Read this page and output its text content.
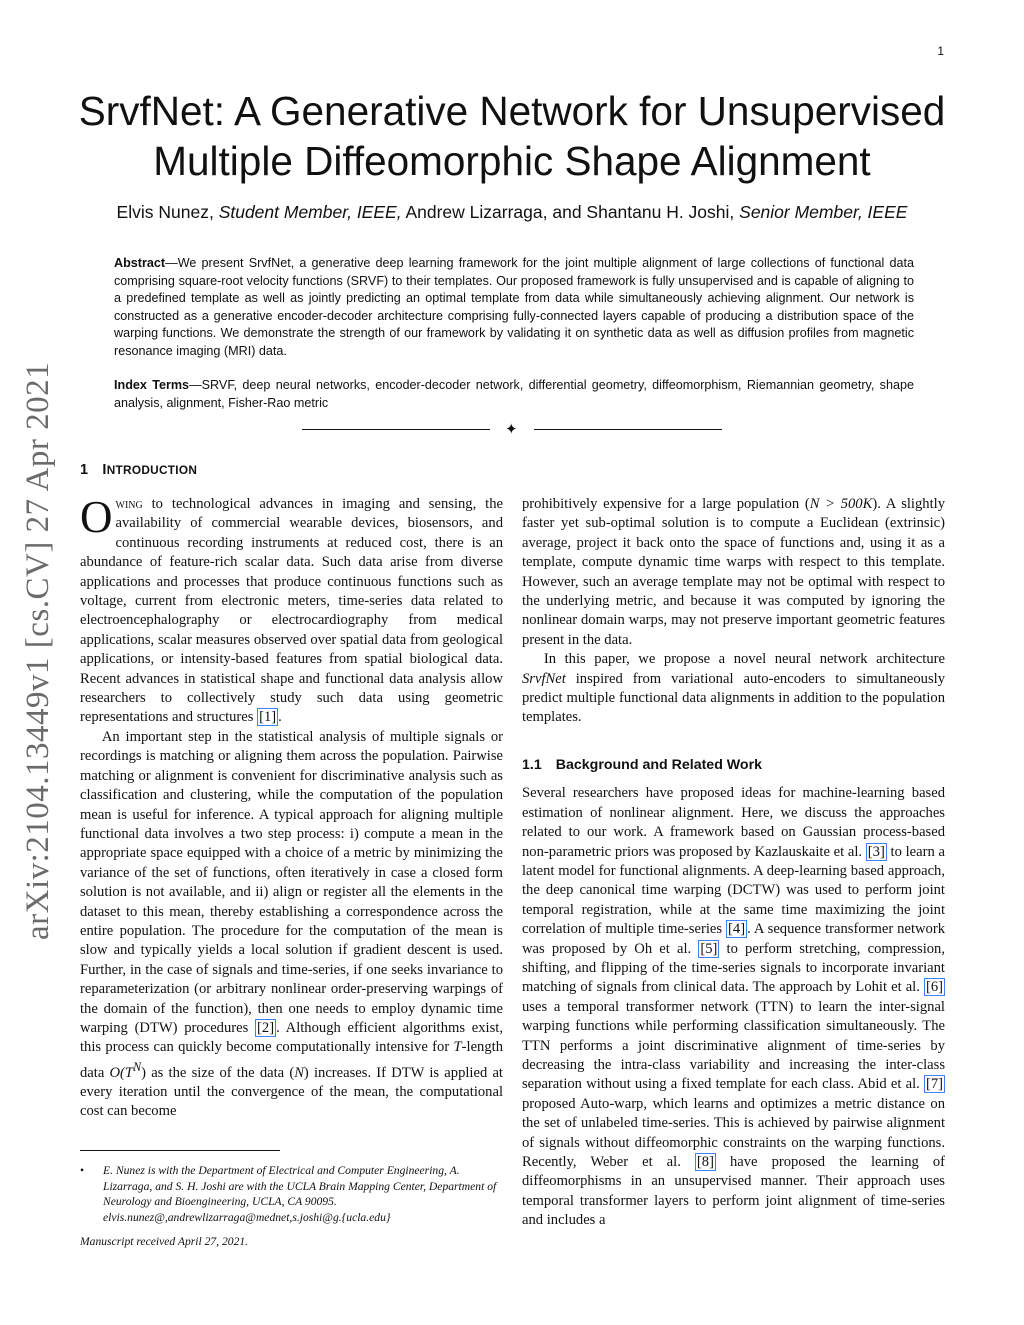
1
arXiv:2104.13449v1 [cs.CV] 27 Apr 2021
SrvfNet: A Generative Network for Unsupervised
Multiple Diffeomorphic Shape Alignment
Elvis Nunez, Student Member, IEEE, Andrew Lizarraga, and Shantanu H. Joshi, Senior Member, IEEE
Abstract—We present SrvfNet, a generative deep learning framework for the joint multiple alignment of large collections of functional data comprising square-root velocity functions (SRVF) to their templates. Our proposed framework is fully unsupervised and is capable of aligning to a predefined template as well as jointly predicting an optimal template from data while simultaneously achieving alignment. Our network is constructed as a generative encoder-decoder architecture comprising fully-connected layers capable of producing a distribution space of the warping functions. We demonstrate the strength of our framework by validating it on synthetic data as well as diffusion profiles from magnetic resonance imaging (MRI) data.
Index Terms—SRVF, deep neural networks, encoder-decoder network, differential geometry, diffeomorphism, Riemannian geometry, shape analysis, alignment, Fisher-Rao metric
✦
1 INTRODUCTION

Owing to technological advances in imaging and sensing, the availability of commercial wearable devices, biosensors, and continuous recording instruments at reduced cost, there is an abundance of feature-rich scalar data. Such data arise from diverse applications and processes that produce continuous functions such as voltage, current from electronic meters, time-series data related to electroencephalography or electrocardiography from medical applications, scalar measures observed over spatial data from geological applications, or intensity-based features from spatial biological data. Recent advances in statistical shape and functional data analysis allow researchers to collectively study such data using geometric representations and structures [1] .

An important step in the statistical analysis of multiple signals or recordings is matching or aligning them across the population. Pairwise matching or alignment is convenient for discriminative analysis such as classification and clustering, while the computation of the population mean is useful for inference. A typical approach for aligning multiple functional data involves a two step process: i) compute a mean in the appropriate space equipped with a choice of a metric by minimizing the variance of the set of functions, often iteratively in case a closed form solution is not available, and ii) align or register all the elements in the dataset to this mean, thereby establishing a correspondence across the entire population. The procedure for the computation of the mean is slow and typically yields a local solution if gradient descent is used. Further, in the case of signals and time-series, if one seeks invariance to reparameterization (or arbitrary nonlinear order-preserving warpings of the domain of the function), then one needs to employ dynamic time warping (DTW) procedures [2] . Although efficient algorithms exist, this process can quickly become computationally intensive for T-length data $O(T^N)$ as the size of the data (N) increases. If DTW is applied at every iteration until the convergence of the mean, the computational cost can become

prohibitively expensive for a large population (N > 500K). A slightly faster yet sub-optimal solution is to compute a Euclidean (extrinsic) average, project it back onto the space of functions and, using it as a template, compute dynamic time warps with respect to this template. However, such an average template may not be optimal with respect to the underlying metric, and because it was computed by ignoring the nonlinear domain warps, may not preserve important geometric features present in the data.

In this paper, we propose a novel neural network architecture SrvfNet inspired from variational auto-encoders to simultaneously predict multiple functional data alignments in addition to the population templates.

1.1 Background and Related Work

Several researchers have proposed ideas for machine-learning based estimation of nonlinear alignment. Here, we discuss the approaches related to our work. A framework based on Gaussian process-based non-parametric priors was proposed by Kazlauskaite et al. [3] to learn a latent model for functional alignments. A deep-learning based approach, the deep canonical time warping (DCTW) was used to perform joint temporal registration, while at the same time maximizing the joint correlation of multiple time-series [4] . A sequence transformer network was proposed by Oh et al. [5] to perform stretching, compression, shifting, and flipping of the time-series signals to incorporate invariant matching of signals from clinical data. The approach by Lohit et al. [6] uses a temporal transformer network (TTN) to learn the inter-signal warping functions while performing classification simultaneously. The TTN performs a joint discriminative alignment of time-series by decreasing the intra-class variability and increasing the inter-class separation without using a fixed template for each class. Abid et al. [7] proposed Auto-warp, which learns and optimizes a metric distance on the set of unlabeled time-series. This is achieved by pairwise alignment of signals without diffeomorphic constraints on the warping functions. Recently, Weber et al. [8] have proposed the learning of diffeomorphisms in an unsupervised manner. Their approach uses temporal transformer layers to perform joint alignment of time-series and includes a

• E. Nunez is with the Department of Electrical and Computer Engineering, A. Lizarraga, and S. H. Joshi are with the UCLA Brain Mapping Center, Department of Neurology and Bioengineering, UCLA, CA 90095.
elvis.nunez@,andrewlizarraga@mednet,s.joshi@g.{ucla.edu}
Manuscript received April 27, 2021.
